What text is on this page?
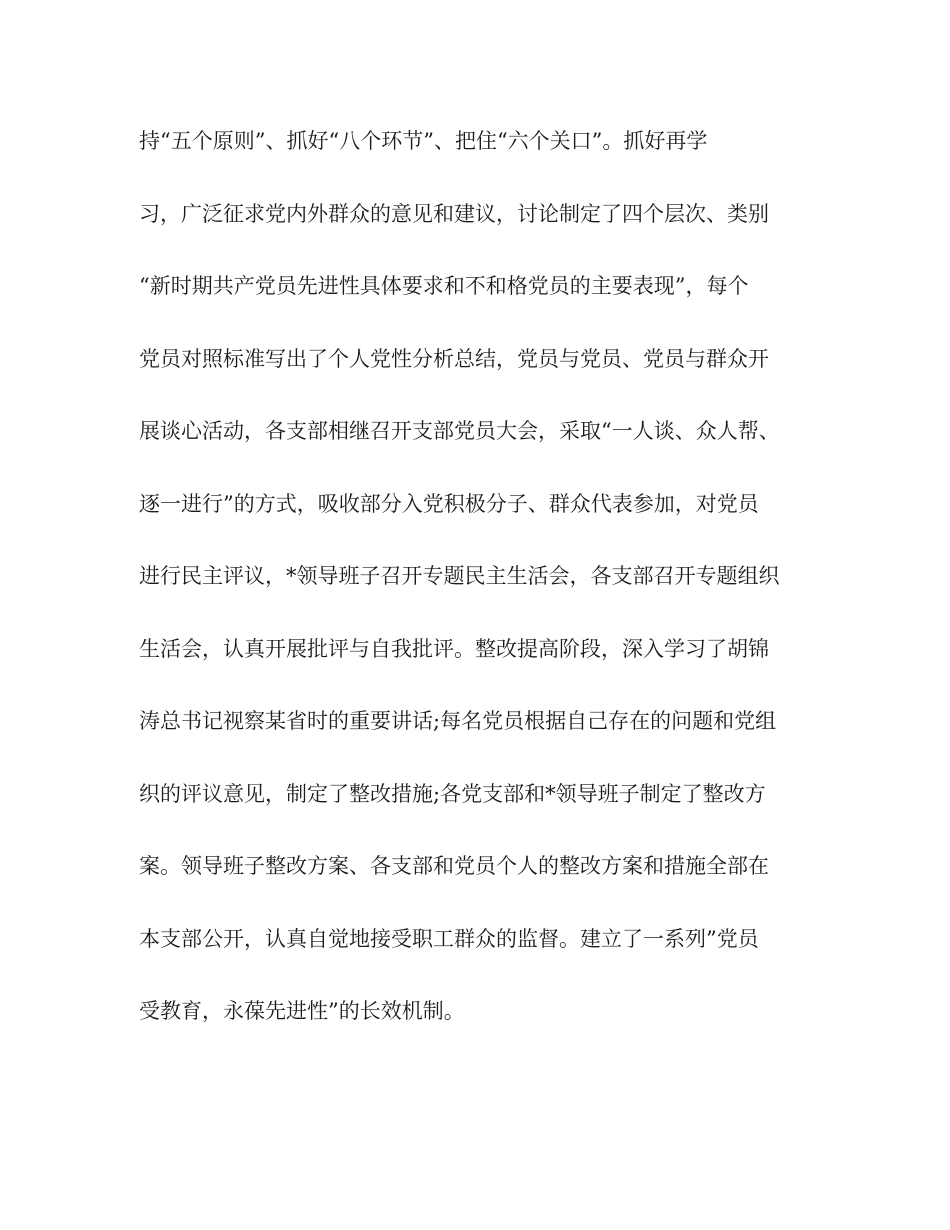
持“五个原则”、抓好“八个环节”、把住“六个关口”。抓好再学
习，广泛征求党内外群众的意见和建议，讨论制定了四个层次、类别
“新时期共产党员先进性具体要求和不和格党员的主要表现”，每个
党员对照标准写出了个人党性分析总结，党员与党员、党员与群众开
展谈心活动，各支部相继召开支部党员大会，采取“一人谈、众人帮、
逐一进行”的方式，吸收部分入党积极分子、群众代表参加，对党员
进行民主评议，*领导班子召开专题民主生活会，各支部召开专题组织
生活会，认真开展批评与自我批评。整改提高阶段，深入学习了胡锦
涛总书记视察某省时的重要讲话;每名党员根据自己存在的问题和党组
织的评议意见，制定了整改措施;各党支部和*领导班子制定了整改方
案。领导班子整改方案、各支部和党员个人的整改方案和措施全部在
本支部公开，认真自觉地接受职工群众的监督。建立了一系列”党员
受教育，永葆先进性”的长效机制。
